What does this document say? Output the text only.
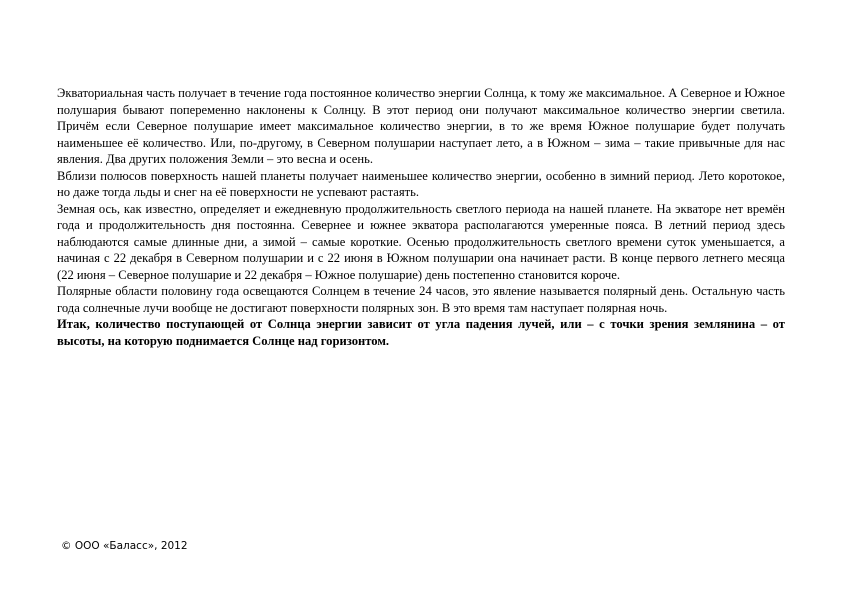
Экваториальная часть получает в течение года постоянное количество энергии Солнца, к тому же максимальное. А Северное и Южное полушария бывают попеременно наклонены к Солнцу. В этот период они получают максимальное количество энергии светила. Причём если Северное полушарие имеет максимальное количество энергии, в то же время Южное полушарие будет получать наименьшее её количество. Или, по-другому, в Северном полушарии наступает лето, а в Южном – зима – такие привычные для нас явления. Два других положения Земли – это весна и осень.

Вблизи полюсов поверхность нашей планеты получает наименьшее количество энергии, особенно в зимний период. Лето коротокое, но даже тогда льды и снег на её поверхности не успевают растаять.

Земная ось, как известно, определяет и ежедневную продолжительность светлого периода на нашей планете. На экваторе нет времён года и продолжительность дня постоянна. Севернее и южнее экватора располагаются умеренные пояса. В летний период здесь наблюдаются самые длинные дни, а зимой – самые короткие. Осенью продолжительность светлого времени суток уменьшается, а начиная с 22 декабря в Северном полушарии и с 22 июня в Южном полушарии она начинает расти. В конце первого летнего месяца (22 июня – Северное полушарие и 22 декабря – Южное полушарие) день постепенно становится короче.

Полярные области половину года освещаются Солнцем в течение 24 часов, это явление называется полярный день. Остальную часть года солнечные лучи вообще не достигают поверхности полярных зон. В это время там наступает полярная ночь.

Итак, количество поступающей от Солнца энергии зависит от угла падения лучей, или – с точки зрения землянина – от высоты, на которую поднимается Солнце над горизонтом.

© ООО «Баласс», 2012
